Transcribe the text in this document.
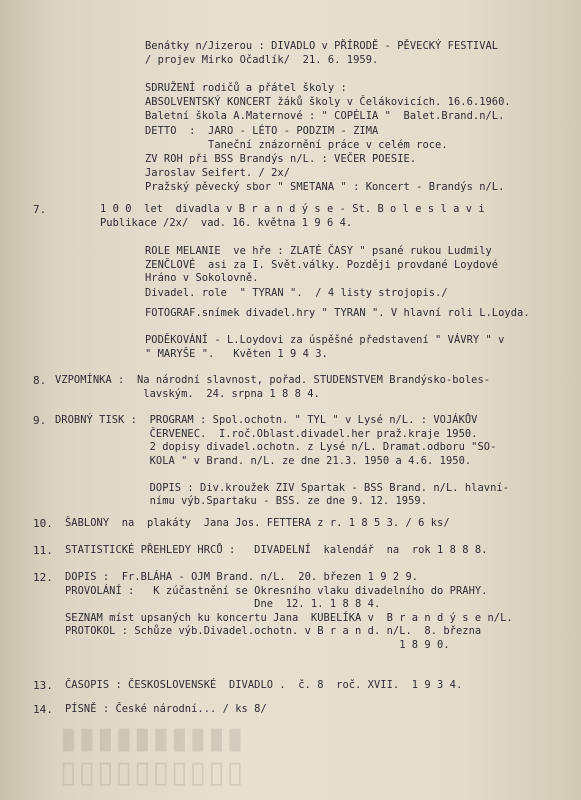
▮▮▮▮▮▮▮▮▮▮
▯▯▯▯▯▯▯▯▯▯
Benátky n/Jizerou : DIVADLO v PŘÍRODĚ - PĚVECKÝ FESTIVAL
/ projev Mirko Očadlík/  21. 6. 1959.
SDRUŽENÍ rodičů a přátel školy :
ABSOLVENTSKÝ KONCERT žáků školy v Čelákovicích. 16.6.1960.
Baletní škola A.Maternové : " COPÉLIA "  Balet.Brand.n/L.
DETTO  :  JARO - LÉTO - PODZIM - ZIMA
Taneční znázornění práce v celém roce.
ZV ROH při BSS Brandýs n/L. : VEČER POESIE.
Jaroslav Seifert. / 2x/
Pražský pěvecký sbor " SMETANA " : Koncert - Brandýs n/L.
7.	1 0 0  let  divadla v B r a n d ý s e - St. B o l e s l a v i
Publikace /2x/  vad. 16. května 1 9 6 4.
ROLE MELANIE  ve hře : ZLATÉ ČASY " psané rukou Ludmily
ZENČLOVÉ  asi za I. Svět.války. Později provdané Loydové
Hráno v Sokolovně.
Divadel. role  " TYRAN ".  / 4 listy strojopis./
FOTOGRAF.snímek divadel.hry " TYRAN ". V hlavní roli L.Loyda.
PODĚKOVÁNÍ - L.Loydovi za úspěšné představení " VÁVRY " v
" MARYŠE ".   Květen 1 9 4 3.
8. VZPOMÍNKA :  Na národní slavnost, pořad. STUDENSTVEM Brandýsko-boles-
lavským.  24. srpna 1 8 8 4.
9. DROBNÝ TISK :  PROGRAM : Spol.ochotn. " TYL " v Lysé n/L. : VOJÁKŮV
ČERVENEC.  I.roč.Oblast.divadel.her praž.kraje 1950.
2 dopisy divadel.ochotn. z Lysé n/L. Dramat.odboru "SO-
KOLA " v Brand. n/L. ze dne 21.3. 1950 a 4.6. 1950.
DOPIS : Div.kroužek ZIV Spartak - BSS Brand. n/L. hlavní-
nímu výb.Spartaku - BSS. ze dne 9. 12. 1959.
10. ŠABLONY  na  plakáty  Jana Jos. FETTERA z r. 1 8 5 3. / 6 ks/
11. STATISTICKÉ PŘEHLEDY HRCŮ :   DIVADELNÍ  kalendář  na  rok 1 8 8 8.
12. DOPIS :  Fr.BLÁHA - OJM Brand. n/L.  20. březen 1 9 2 9.
PROVOLÁNÍ :   K zúčastnění se Okresního vlaku divadelního do PRAHY.
Dne  12. 1. 1 8 8 4.
SEZNAM míst upsaných ku koncertu Jana  KUBELÍKA v  B r a n d ý s e n/L.
PROTOKOL : Schůze výb.Divadel.ochotn. v B r a n d. n/L.  8. března
1 8 9 0.
13. ČASOPIS : ČESKOSLOVENSKÉ  DIVADLO .  č. 8  roč. XVII.  1 9 3 4.
14. PÍSNĚ : České národní... / ks 8/
